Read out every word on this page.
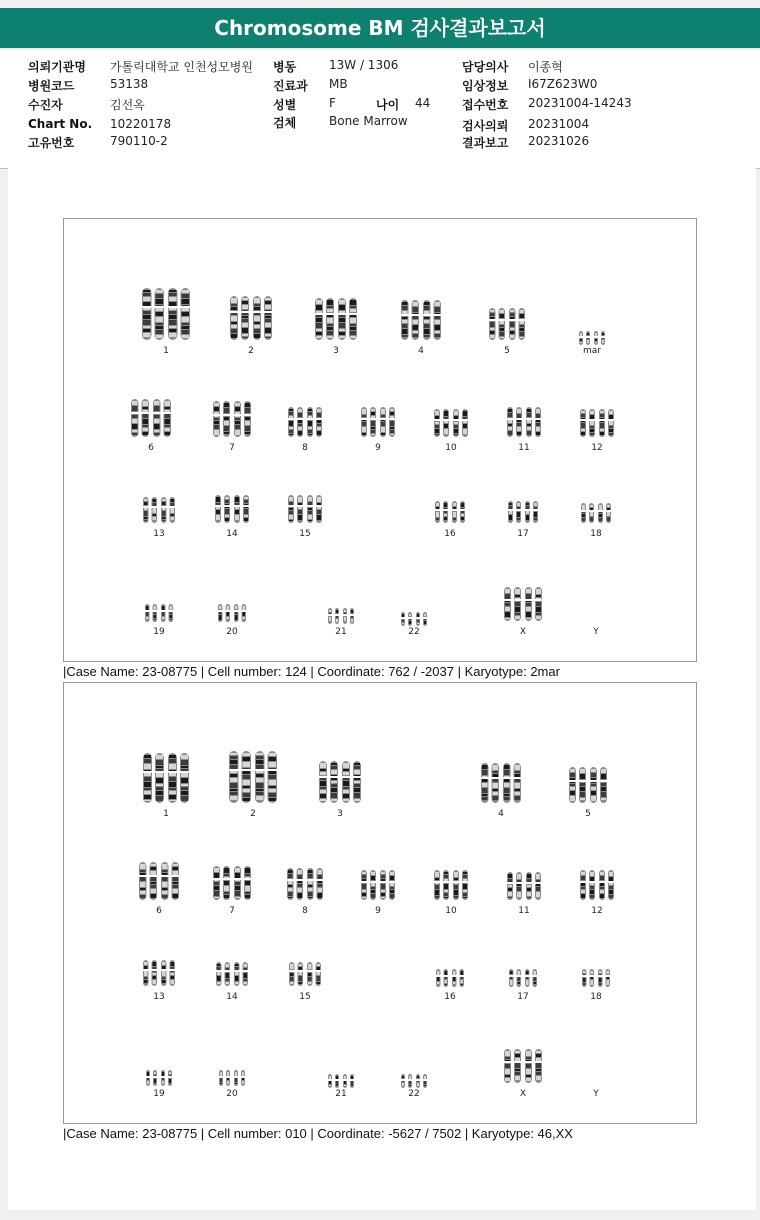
Chromosome BM 검사결과보고서
의뢰기관명 가톨릭대학교 인천성모병원
병원코드	53138
수진자	김선옥
Chart No. 10220178
고유번호	790110-2
병동	13W / 1306
진료과 MB
성별	F	나이 44
검체	Bone Marrow
담당의사 이종혁
임상정보 I67Z623W0
접수번호 20231004-14243
검사의뢰 20231004
결과보고 20231026
1	2	3	4	5	mar
6	7	8	9	10	11	12
13	14	15	16	17	18
19	20	21	22	X	Y
|Case Name: 23-08775 | Cell number: 124 | Coordinate: 762 / -2037 | Karyotype: 2mar
1	2	3	4	5
6	7	8	9	10	11	12
13	14	15	16	17	18
19	20	21	22	X	Y
|Case Name: 23-08775 | Cell number: 010 | Coordinate: -5627 / 7502 | Karyotype: 46,XX
